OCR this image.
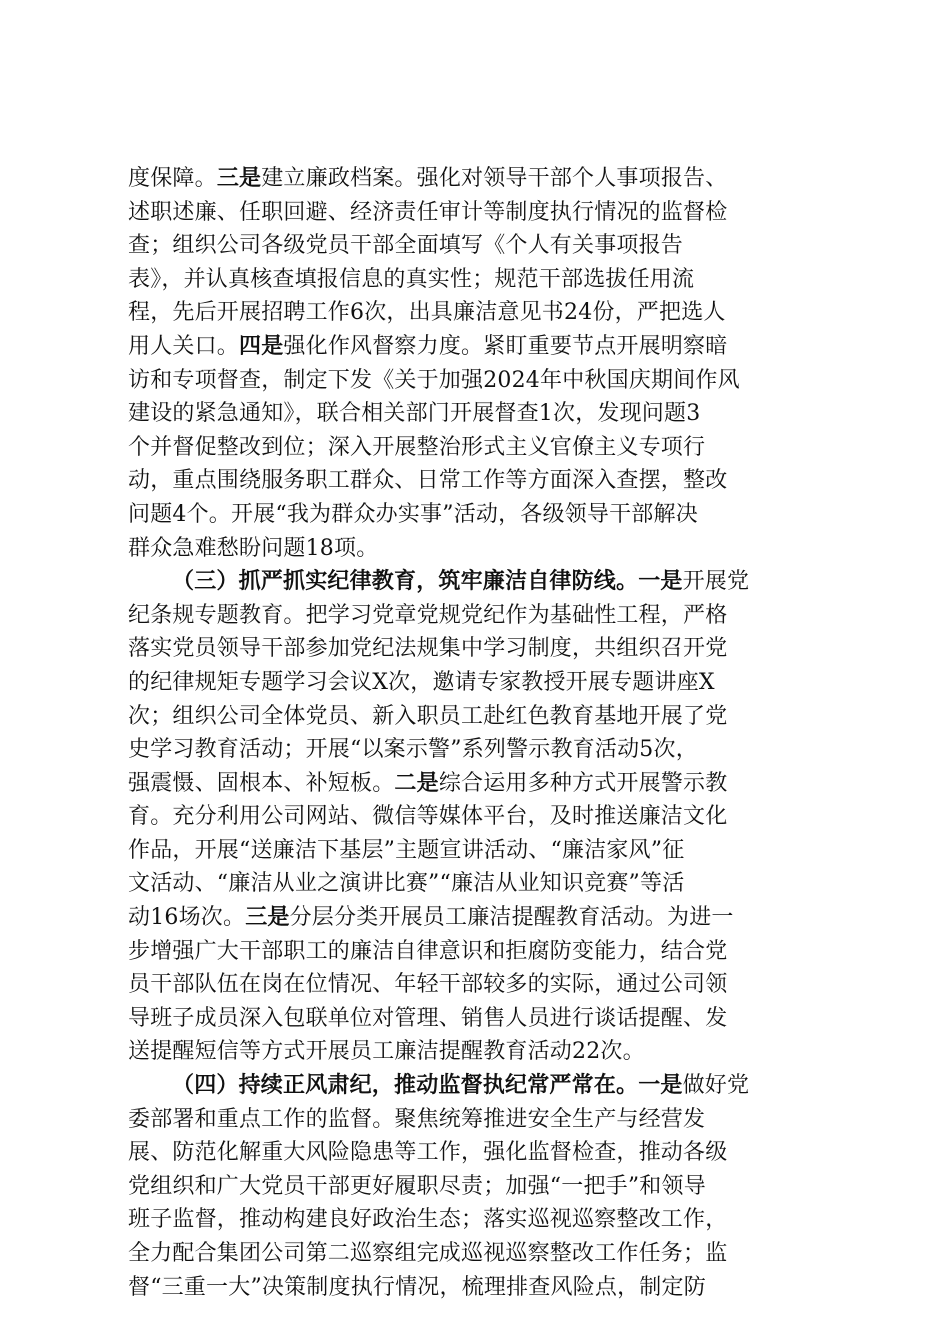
度保障。三是建立廉政档案。强化对领导干部个人事项报告、
述职述廉、任职回避、经济责任审计等制度执行情况的监督检
查；组织公司各级党员干部全面填写《个人有关事项报告
表》，并认真核查填报信息的真实性；规范干部选拔任用流
程，先后开展招聘工作6次，出具廉洁意见书24份，严把选人
用人关口。四是强化作风督察力度。紧盯重要节点开展明察暗
访和专项督查，制定下发《关于加强2024年中秋国庆期间作风
建设的紧急通知》，联合相关部门开展督查1次，发现问题3
个并督促整改到位；深入开展整治形式主义官僚主义专项行
动，重点围绕服务职工群众、日常工作等方面深入查摆，整改
问题4个。开展“我为群众办实事”活动，各级领导干部解决
群众急难愁盼问题18项。
（三）抓严抓实纪律教育，筑牢廉洁自律防线。一是开展党
纪条规专题教育。把学习党章党规党纪作为基础性工程，严格
落实党员领导干部参加党纪法规集中学习制度，共组织召开党
的纪律规矩专题学习会议X次，邀请专家教授开展专题讲座X
次；组织公司全体党员、新入职员工赴红色教育基地开展了党
史学习教育活动；开展“以案示警”系列警示教育活动5次，
强震慑、固根本、补短板。二是综合运用多种方式开展警示教
育。充分利用公司网站、微信等媒体平台，及时推送廉洁文化
作品，开展“送廉洁下基层”主题宣讲活动、“廉洁家风”征
文活动、“廉洁从业之演讲比赛”“廉洁从业知识竞赛”等活
动16场次。三是分层分类开展员工廉洁提醒教育活动。为进一
步增强广大干部职工的廉洁自律意识和拒腐防变能力，结合党
员干部队伍在岗在位情况、年轻干部较多的实际，通过公司领
导班子成员深入包联单位对管理、销售人员进行谈话提醒、发
送提醒短信等方式开展员工廉洁提醒教育活动22次。
（四）持续正风肃纪，推动监督执纪常严常在。一是做好党
委部署和重点工作的监督。聚焦统筹推进安全生产与经营发
展、防范化解重大风险隐患等工作，强化监督检查，推动各级
党组织和广大党员干部更好履职尽责；加强“一把手”和领导
班子监督，推动构建良好政治生态；落实巡视巡察整改工作，
全力配合集团公司第二巡察组完成巡视巡察整改工作任务；监
督“三重一大”决策制度执行情况，梳理排查风险点，制定防
